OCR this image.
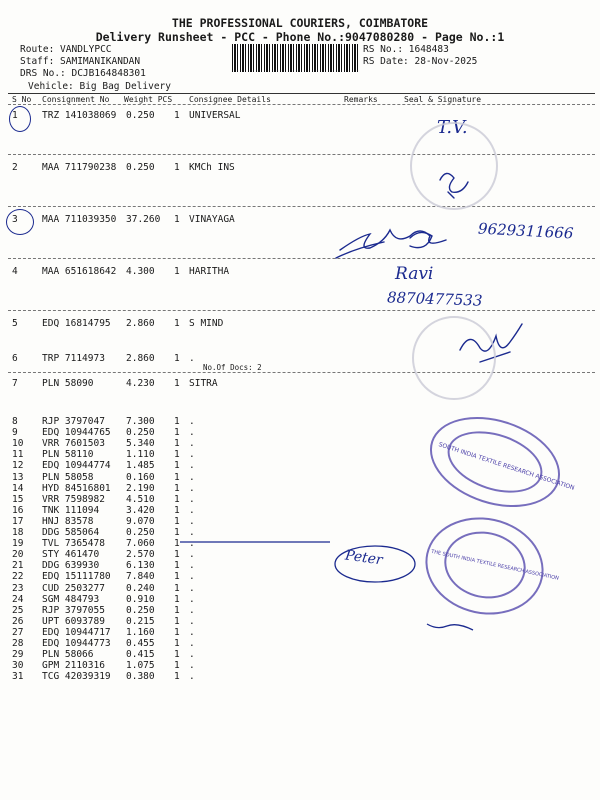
THE PROFESSIONAL COURIERS, COIMBATORE
Delivery Runsheet - PCC - Phone No.:9047080280 - Page No.:1
Route: VANDLYPCC
Staff: SAMIMANIKANDAN
DRS No.: DCJB164848301
Vehicle: Big Bag Delivery
RS No.: 1648483
RS Date: 28-Nov-2025
S No Consignment No Weight PCS Consignee Details	Remarks	Seal & Signature
1	TRZ 141038069 0.250 1 UNIVERSAL
2	MAA 711790238 0.250 1 KMCh INS
3	MAA 711039350 37.260 1 VINAYAGA
4	MAA 651618642 4.300 1 HARITHA
5	EDQ 16814795 2.860 1 S MIND
6	TRP 7114973 2.860 1 .
7	PLN 58090	4.230 1 SITRA
8	RJP 3797047 7.300 1 .
9	EDQ 10944765 0.250 1 .
10 VRR 7601503 5.340 1 .
11 PLN 58110	1.110 1 .
12 EDQ 10944774 1.485 1 .
13 PLN 58058	0.160 1 .
14 HYD 84516801 2.190 1 .
15 VRR 7598982 4.510 1 .
16 TNK 111094	3.420 1 .
17 HNJ 83578	9.070 1 .
18 DDG 585064	0.250 1 .
19 TVL 7365478 7.060 1 .
20 STY 461470	2.570 1 .
21 DDG 639930	6.130 1 .
22 EDQ 15111780 7.840 1 .
23 CUD 2503277 0.240 1 .
24 SGM 484793	0.910 1 .
25 RJP 3797055 0.250 1 .
26 UPT 6093789 0.215 1 .
27 EDQ 10944717 1.160 1 .
28 EDQ 10944773 0.455 1 .
29 PLN 58066	0.415 1 .
30 GPM 2110316 1.075 1 .
31 TCG 42039319 0.380 1 .
No.Of Docs: 2
T.V.
9629311666
Ravi
8870477533
Peter
SOUTH INDIA TEXTILE RESEARCH ASSOCIATION
THE SOUTH INDIA TEXTILE RESEARCH ASSOCIATION
